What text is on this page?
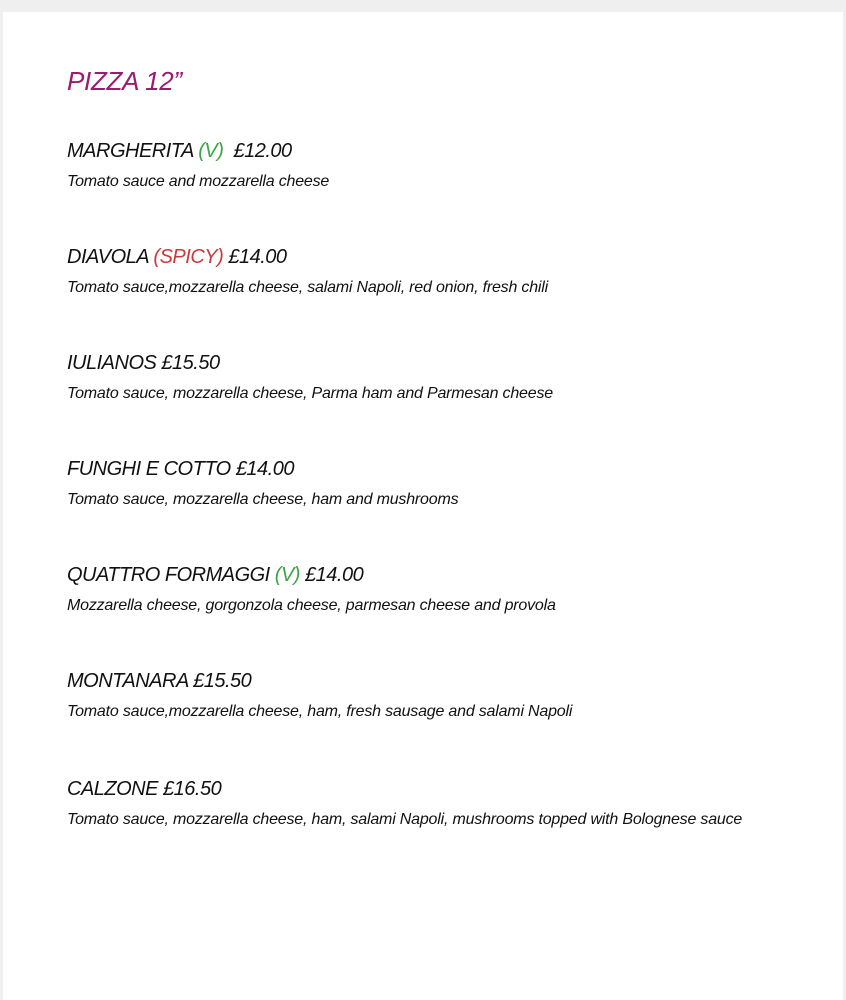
PIZZA 12”

MARGHERITA (V) £12.00

Tomato sauce and mozzarella cheese

DIAVOLA (SPICY) £14.00

Tomato sauce,mozzarella cheese, salami Napoli, red onion, fresh chili

IULIANOS £15.50

Tomato sauce, mozzarella cheese, Parma ham and Parmesan cheese

FUNGHI E COTTO £14.00

Tomato sauce, mozzarella cheese, ham and mushrooms

QUATTRO FORMAGGI (V) £14.00

Mozzarella cheese, gorgonzola cheese, parmesan cheese and provola

MONTANARA £15.50

Tomato sauce,mozzarella cheese, ham, fresh sausage and salami Napoli

CALZONE £16.50

Tomato sauce, mozzarella cheese, ham, salami Napoli, mushrooms topped with Bolognese sauce
